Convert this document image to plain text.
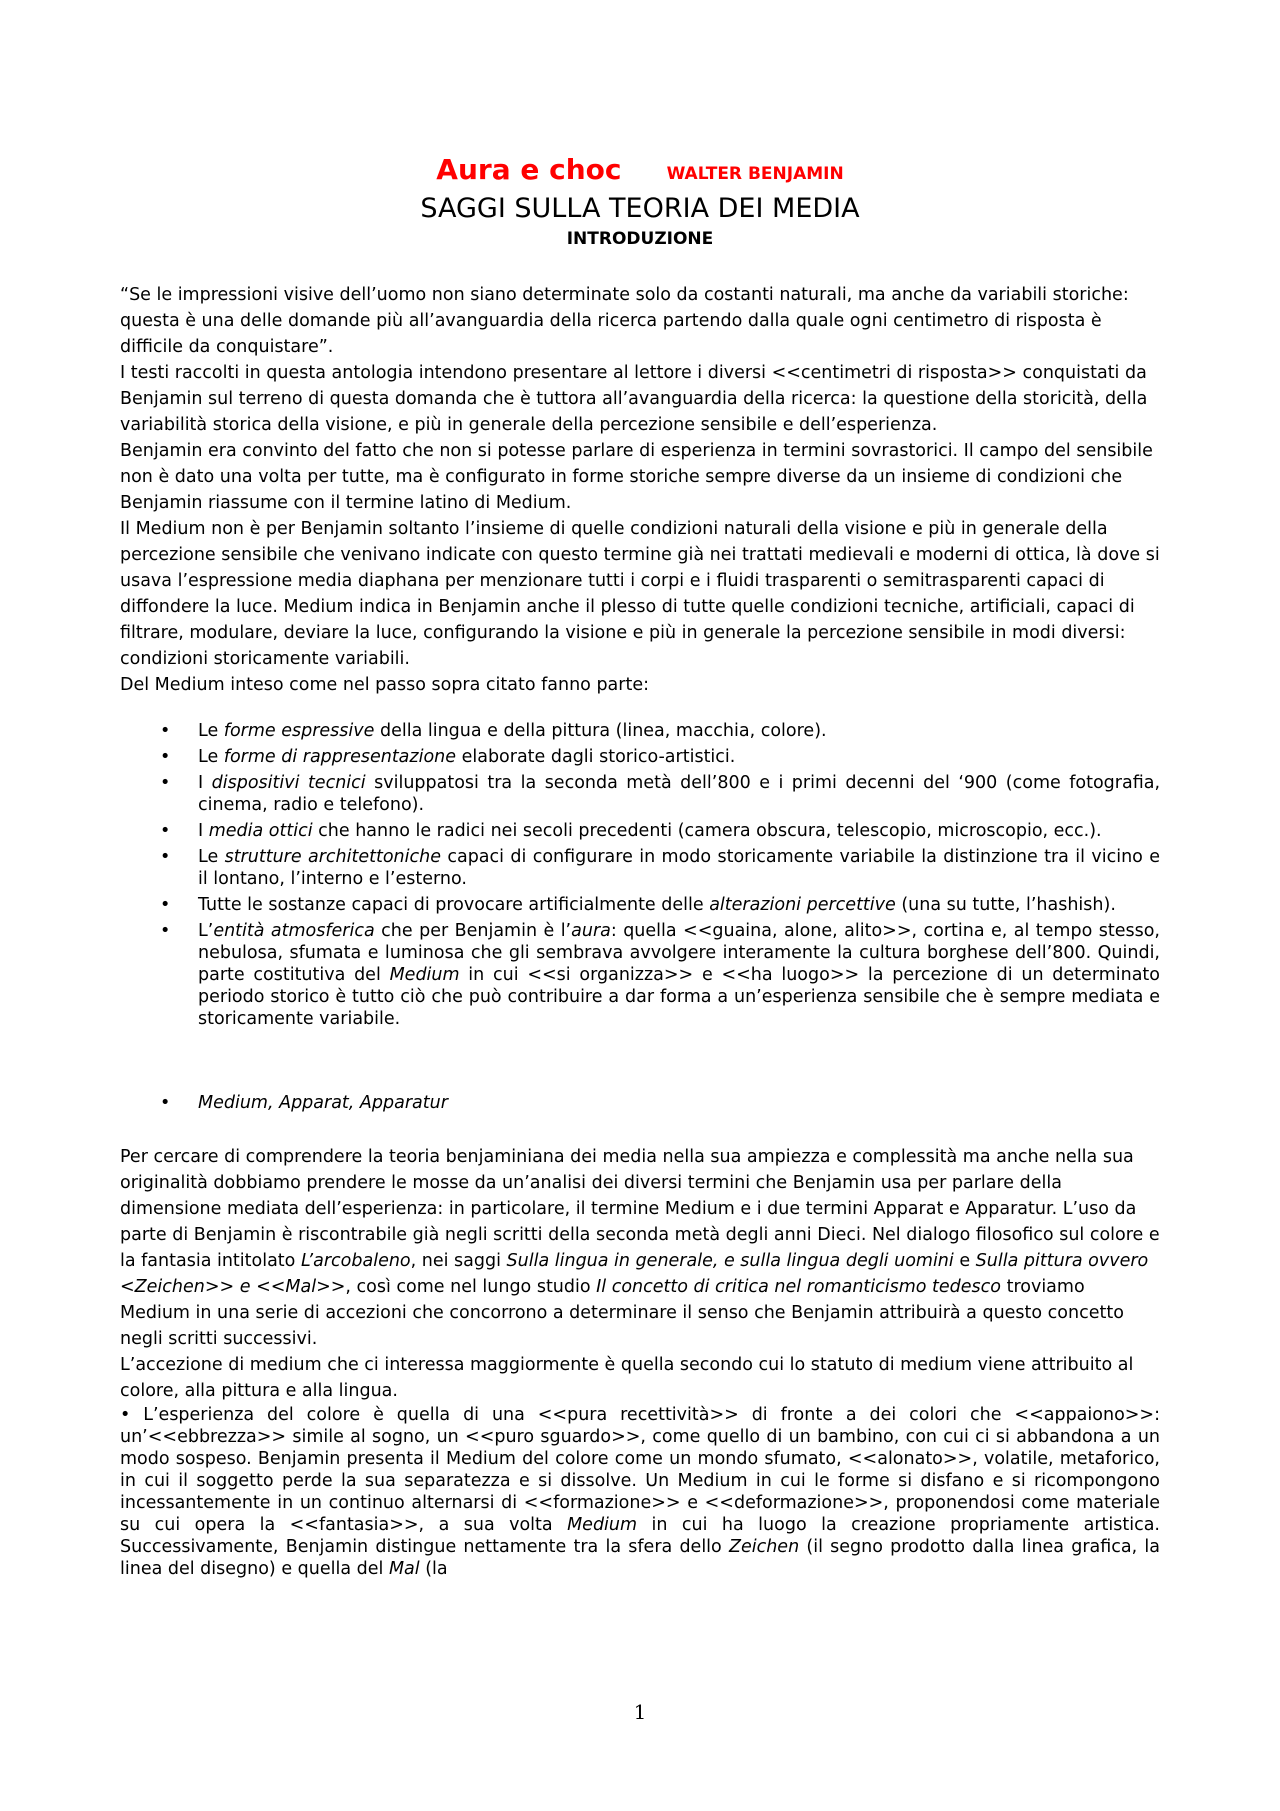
Aura e choc	WALTER BENJAMIN
SAGGI SULLA TEORIA DEI MEDIA
INTRODUZIONE

“Se le impressioni visive dell’uomo non siano determinate solo da costanti naturali, ma anche da variabili storiche: questa è una delle domande più all’avanguardia della ricerca partendo dalla quale ogni centimetro di risposta è difficile da conquistare”.

I testi raccolti in questa antologia intendono presentare al lettore i diversi <<centimetri di risposta>> conquistati da Benjamin sul terreno di questa domanda che è tuttora all’avanguardia della ricerca: la questione della storicità, della variabilità storica della visione, e più in generale della percezione sensibile e dell’esperienza.

Benjamin era convinto del fatto che non si potesse parlare di esperienza in termini sovrastorici. Il campo del sensibile non è dato una volta per tutte, ma è configurato in forme storiche sempre diverse da un insieme di condizioni che Benjamin riassume con il termine latino di Medium.

Il Medium non è per Benjamin soltanto l’insieme di quelle condizioni naturali della visione e più in generale della percezione sensibile che venivano indicate con questo termine già nei trattati medievali e moderni di ottica, là dove si usava l’espressione media diaphana per menzionare tutti i corpi e i fluidi trasparenti o semitrasparenti capaci di diffondere la luce. Medium indica in Benjamin anche il plesso di tutte quelle condizioni tecniche, artificiali, capaci di filtrare, modulare, deviare la luce, configurando la visione e più in generale la percezione sensibile in modi diversi: condizioni storicamente variabili.

Del Medium inteso come nel passo sopra citato fanno parte:

• Le forme espressive della lingua e della pittura (linea, macchia, colore).
• Le forme di rappresentazione elaborate dagli storico-artistici.
• I dispositivi tecnici sviluppatosi tra la seconda metà dell’800 e i primi decenni del ‘900 (come fotografia, cinema, radio e telefono).
• I media ottici che hanno le radici nei secoli precedenti (camera obscura, telescopio, microscopio, ecc.).
• Le strutture architettoniche capaci di configurare in modo storicamente variabile la distinzione tra il vicino e il lontano, l’interno e l’esterno.
• Tutte le sostanze capaci di provocare artificialmente delle alterazioni percettive (una su tutte, l’hashish).
• L’entità atmosferica che per Benjamin è l’aura: quella <<guaina, alone, alito>>, cortina e, al tempo stesso, nebulosa, sfumata e luminosa che gli sembrava avvolgere interamente la cultura borghese dell’800. Quindi, parte costitutiva del Medium in cui <<si organizza>> e <<ha luogo>> la percezione di un determinato periodo storico è tutto ciò che può contribuire a dar forma a un’esperienza sensibile che è sempre mediata e storicamente variabile.
• Medium, Apparat, Apparatur

Per cercare di comprendere la teoria benjaminiana dei media nella sua ampiezza e complessità ma anche nella sua originalità dobbiamo prendere le mosse da un’analisi dei diversi termini che Benjamin usa per parlare della dimensione mediata dell’esperienza: in particolare, il termine Medium e i due termini Apparat e Apparatur. L’uso da parte di Benjamin è riscontrabile già negli scritti della seconda metà degli anni Dieci. Nel dialogo filosofico sul colore e la fantasia intitolato L’arcobaleno, nei saggi Sulla lingua in generale, e sulla lingua degli uomini e Sulla pittura ovvero <Zeichen>> e <<Mal>>, così come nel lungo studio Il concetto di critica nel romanticismo tedesco troviamo Medium in una serie di accezioni che concorrono a determinare il senso che Benjamin attribuirà a questo concetto negli scritti successivi.

L’accezione di medium che ci interessa maggiormente è quella secondo cui lo statuto di medium viene attribuito al colore, alla pittura e alla lingua.

• L’esperienza del colore è quella di una <<pura recettività>> di fronte a dei colori che <<appaiono>>: un’<<ebbrezza>> simile al sogno, un <<puro sguardo>>, come quello di un bambino, con cui ci si abbandona a un modo sospeso. Benjamin presenta il Medium del colore come un mondo sfumato, <<alonato>>, volatile, metaforico, in cui il soggetto perde la sua separatezza e si dissolve. Un Medium in cui le forme si disfano e si ricompongono incessantemente in un continuo alternarsi di <<formazione>> e <<deformazione>>, proponendosi come materiale su cui opera la <<fantasia>>, a sua volta Medium in cui ha luogo la creazione propriamente artistica. Successivamente, Benjamin distingue nettamente tra la sfera dello Zeichen (il segno prodotto dalla linea grafica, la linea del disegno) e quella del Mal (la

1
